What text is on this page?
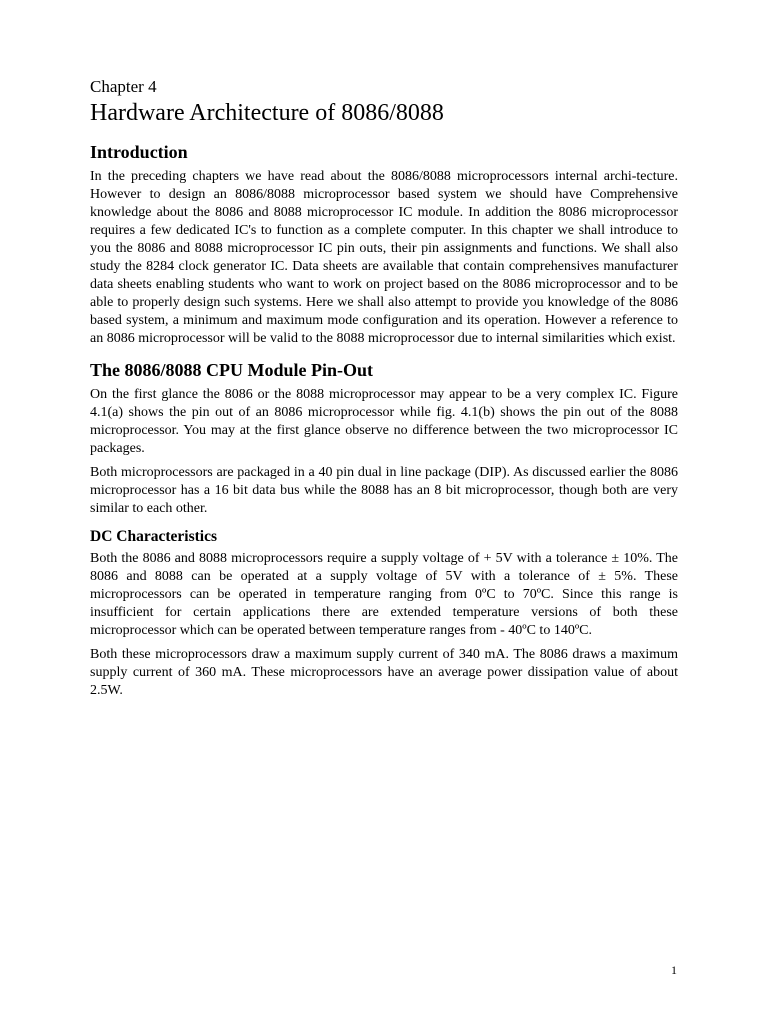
Chapter 4

Hardware Architecture of 8086/8088
Introduction

In the preceding chapters we have read about the 8086/8088 microprocessors internal archi-tecture. However to design an 8086/8088 microprocessor based system we should have Comprehensive knowledge about the 8086 and 8088 microprocessor IC module. In addition the 8086 microprocessor requires a few dedicated IC's to function as a complete computer. In this chapter we shall introduce to you the 8086 and 8088 microprocessor IC pin outs, their pin assignments and functions. We shall also study the 8284 clock generator IC. Data sheets are available that contain comprehensives manufacturer data sheets enabling students who want to work on project based on the 8086 microprocessor and to be able to properly design such systems. Here we shall also attempt to provide you knowledge of the 8086 based system, a minimum and maximum mode configuration and its operation. However a reference to an 8086 microprocessor will be valid to the 8088 microprocessor due to internal similarities which exist.

The 8086/8088 CPU Module Pin-Out

On the first glance the 8086 or the 8088 microprocessor may appear to be a very complex IC. Figure 4.1(a) shows the pin out of an 8086 microprocessor while fig. 4.1(b) shows the pin out of the 8088 microprocessor. You may at the first glance observe no difference between the two microprocessor IC packages.

Both microprocessors are packaged in a 40 pin dual in line package (DIP). As discussed earlier the 8086 microprocessor has a 16 bit data bus while the 8088 has an 8 bit microprocessor, though both are very similar to each other.

DC Characteristics

Both the 8086 and 8088 microprocessors require a supply voltage of + 5V with a tolerance ± 10%. The 8086 and 8088 can be operated at a supply voltage of 5V with a tolerance of ± 5%. These microprocessors can be operated in temperature ranging from 0ºC to 70ºC. Since this range is insufficient for certain applications there are extended temperature versions of both these microprocessor which can be operated between temperature ranges from - 40ºC to 140ºC.

Both these microprocessors draw a maximum supply current of 340 mA. The 8086 draws a maximum supply current of 360 mA. These microprocessors have an average power dissipation value of about 2.5W.

1
